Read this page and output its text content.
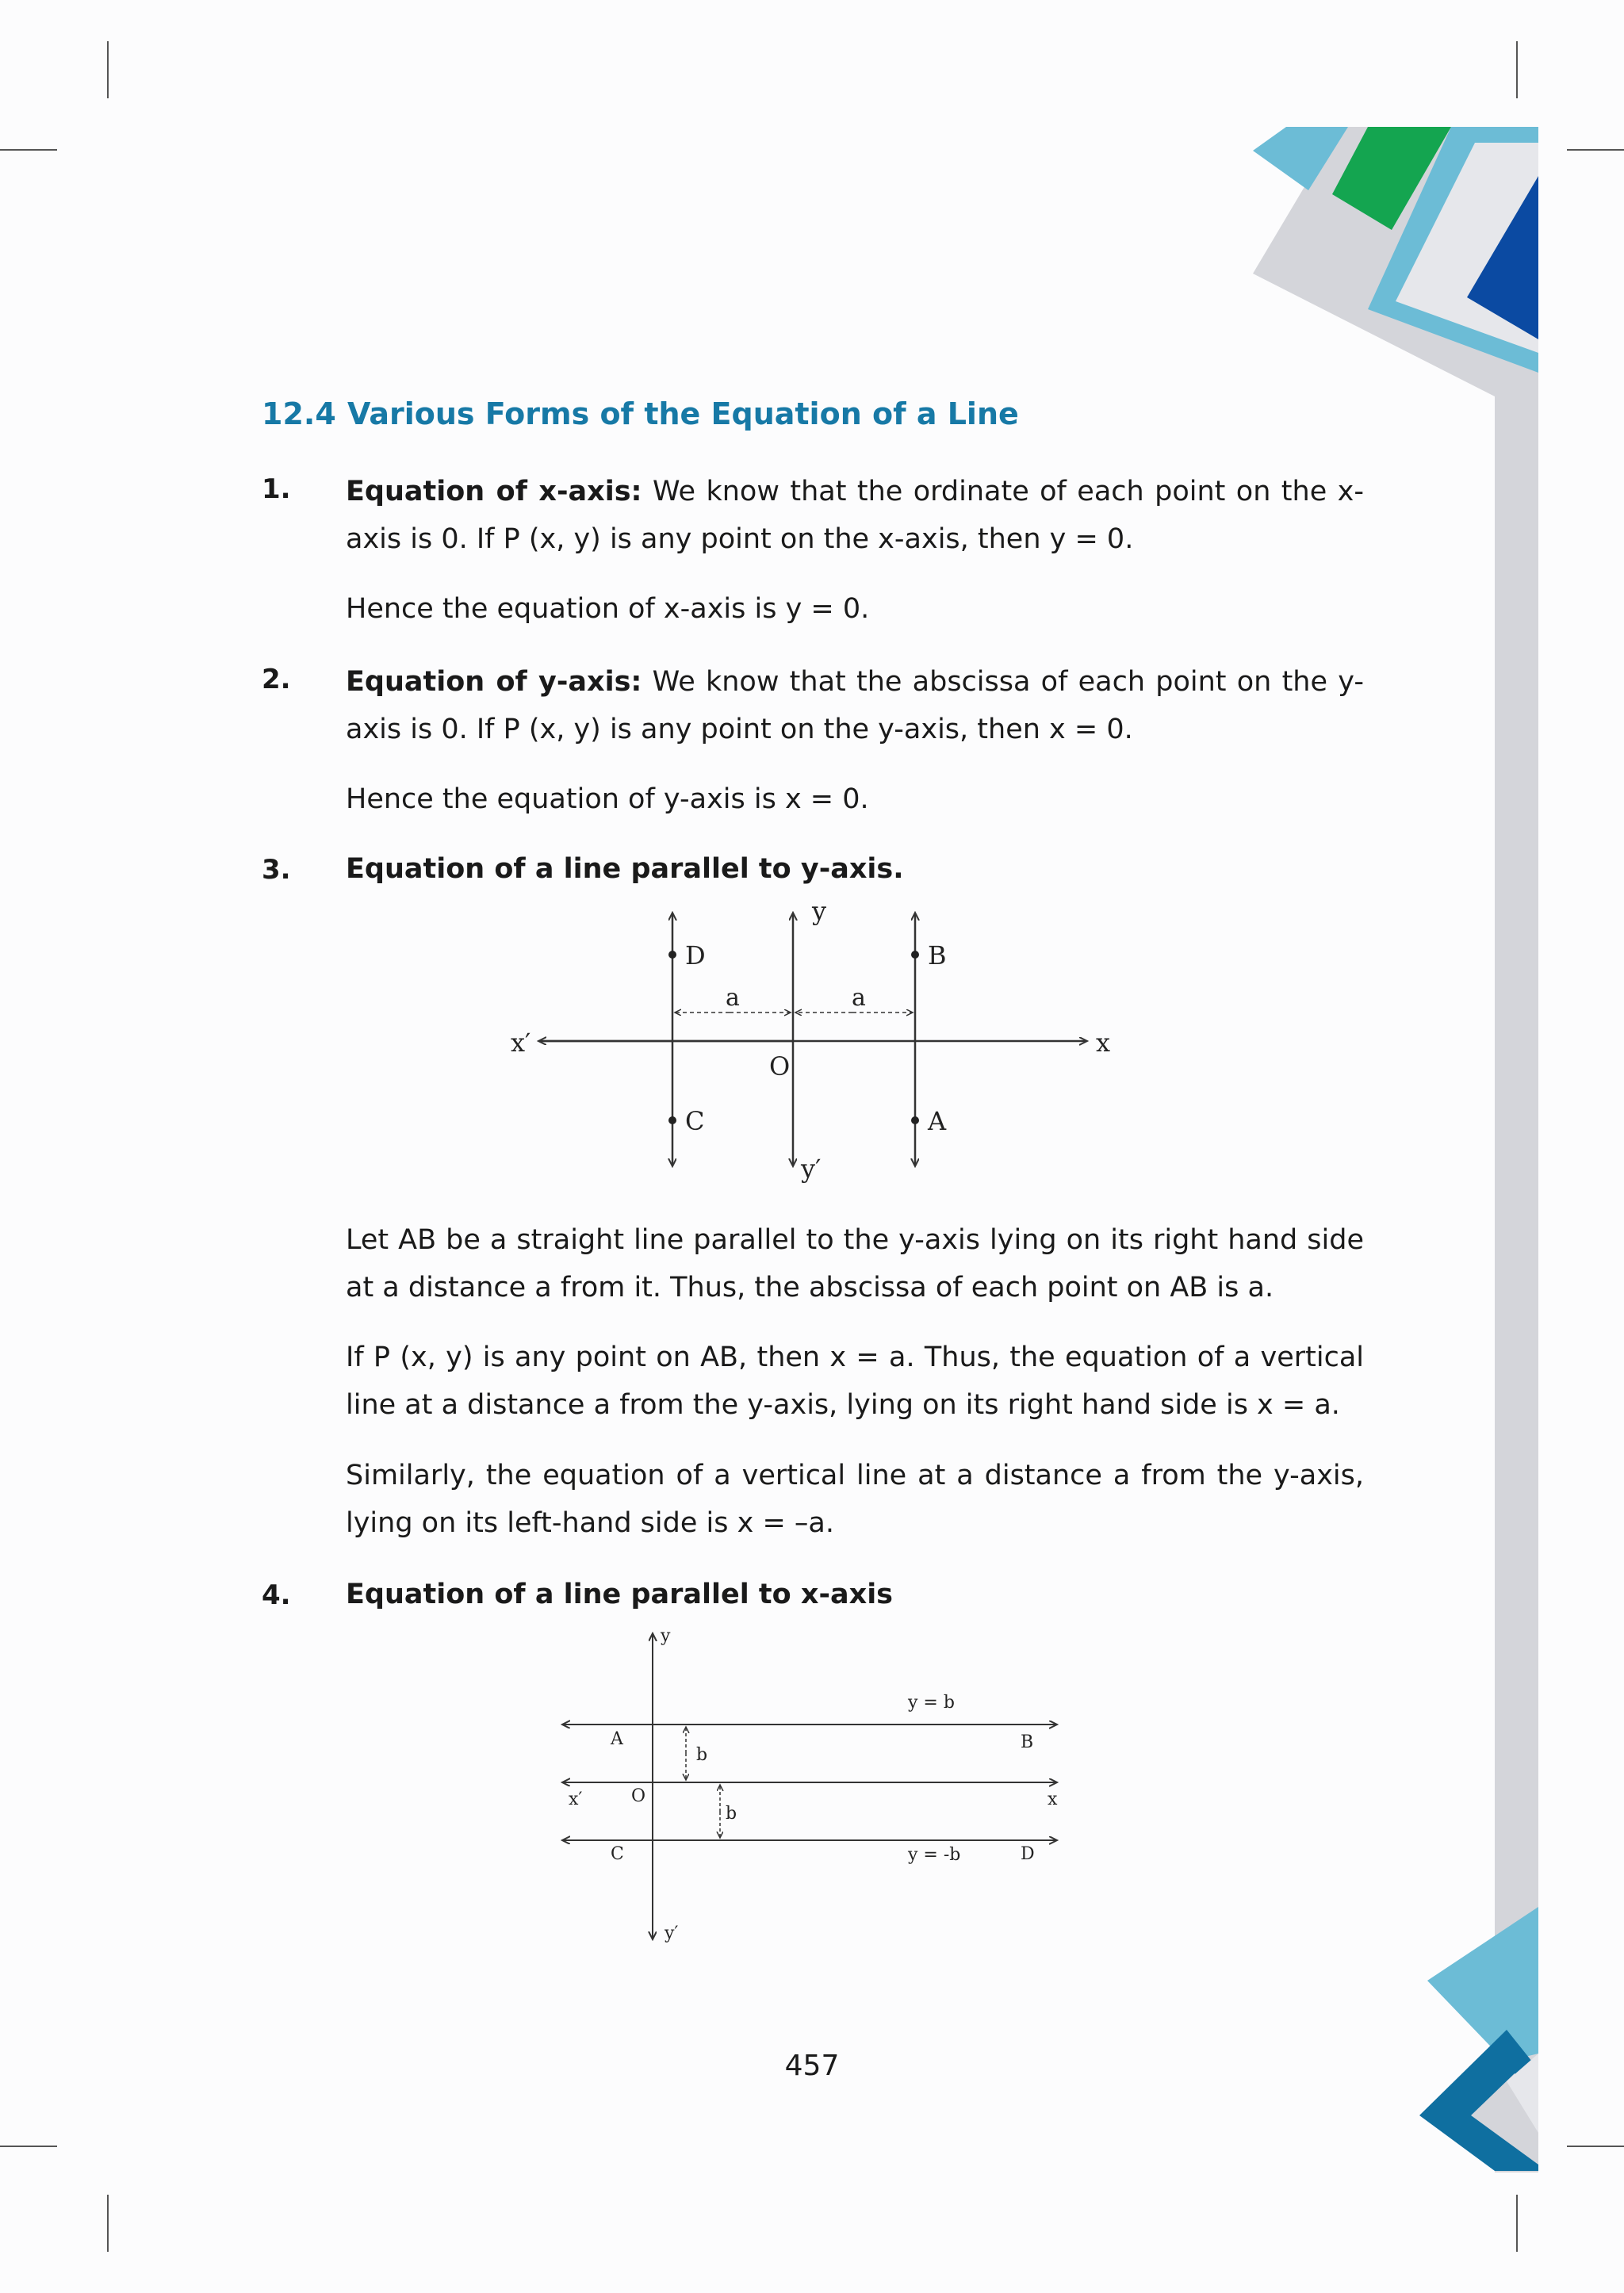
12.4 Various Forms of the Equation of a Line
1. Equation of x-axis: We know that the ordinate of each point on the x-axis is 0. If P (x, y) is any point on the x-axis, then y = 0.
Hence the equation of x-axis is y = 0.
2. Equation of y-axis: We know that the abscissa of each point on the y-axis is 0. If P (x, y) is any point on the y-axis, then x = 0.
Hence the equation of y-axis is x = 0.
3. Equation of a line parallel to y-axis.
y
y′
x
x′
O
D	B
C	A
a	a
Let AB be a straight line parallel to the y-axis lying on its right hand side at a distance a from it. Thus, the abscissa of each point on AB is a.
If P (x, y) is any point on AB, then x = a. Thus, the equation of a vertical line at a distance a from the y-axis, lying on its right hand side is x = a.
Similarly, the equation of a vertical line at a distance a from the y-axis, lying on its left-hand side is x = –a.
4. Equation of a line parallel to x-axis
y
y′
x
x′	O
A	B
C	D
b
b
y = b
y = -b
457
